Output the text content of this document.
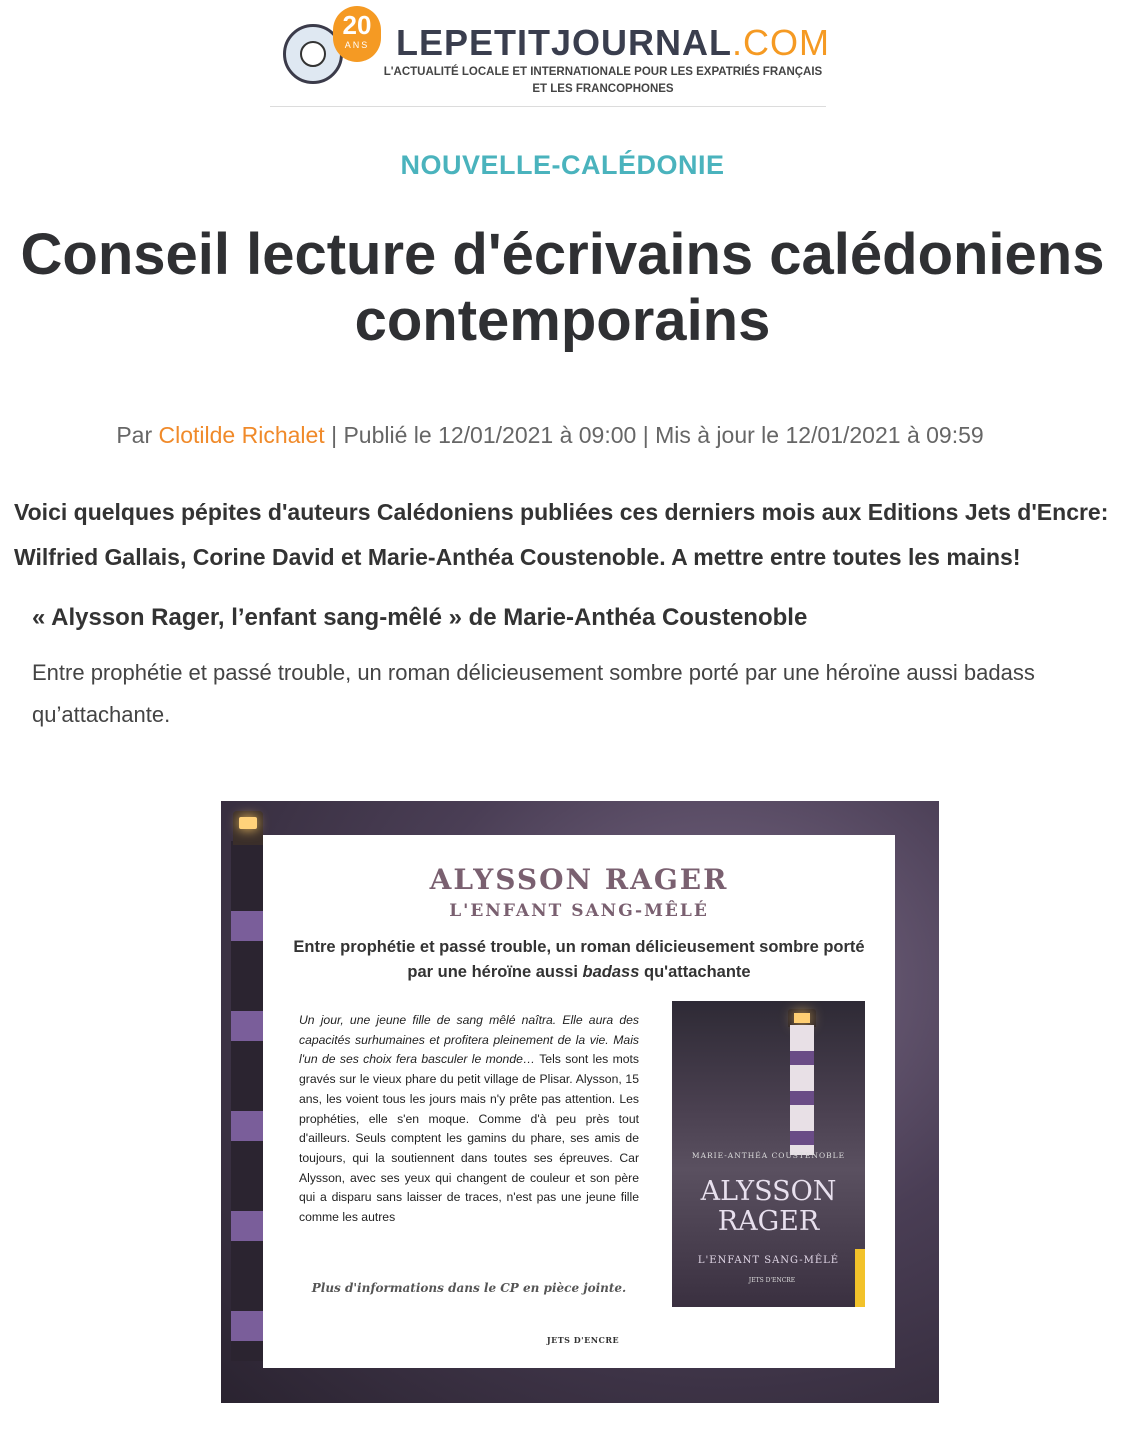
20
ANS LEPETITJOURNAL.COM
L'ACTUALITÉ LOCALE ET INTERNATIONALE POUR LES EXPATRIÉS FRANÇAIS ET LES FRANCOPHONES
NOUVELLE-CALÉDONIE
Conseil lecture d'écrivains calédoniens contemporains
Par Clotilde Richalet | Publié le 12/01/2021 à 09:00 | Mis à jour le 12/01/2021 à 09:59

Voici quelques pépites d'auteurs Calédoniens publiées ces derniers mois aux Editions Jets d'Encre: Wilfried Gallais, Corine David et Marie-Anthéa Coustenoble. A mettre entre toutes les mains!

« Alysson Rager, l’enfant sang-mêlé » de Marie-Anthéa Coustenoble

Entre prophétie et passé trouble, un roman délicieusement sombre porté par une héroïne aussi badass qu’attachante.

ALYSSON RAGER
L'ENFANT SANG-MÊLÉ
Entre prophétie et passé trouble, un roman délicieusement sombre porté par une héroïne aussi badass qu'attachante

Un jour, une jeune fille de sang mêlé naîtra. Elle aura des capacités surhumaines et profitera pleinement de la vie. Mais l'un de ses choix fera basculer le monde… Tels sont les mots gravés sur le vieux phare du petit village de Plisar. Alysson, 15 ans, les voient tous les jours mais n'y prête pas attention. Les prophéties, elle s'en moque. Comme d'à peu près tout d'ailleurs. Seuls comptent les gamins du phare, ses amis de toujours, qui la soutiennent dans toutes ses épreuves. Car Alysson, avec ses yeux qui changent de couleur et son père qui a disparu sans laisser de traces, n'est pas une jeune fille comme les autres

Plus d'informations dans le CP en pièce jointe.
JETS D'ENCRE
MARIE-ANTHÉA COUSTENOBLE
ALYSSON
RAGER
L'ENFANT SANG-MÊLÉ
JETS D'ENCRE
